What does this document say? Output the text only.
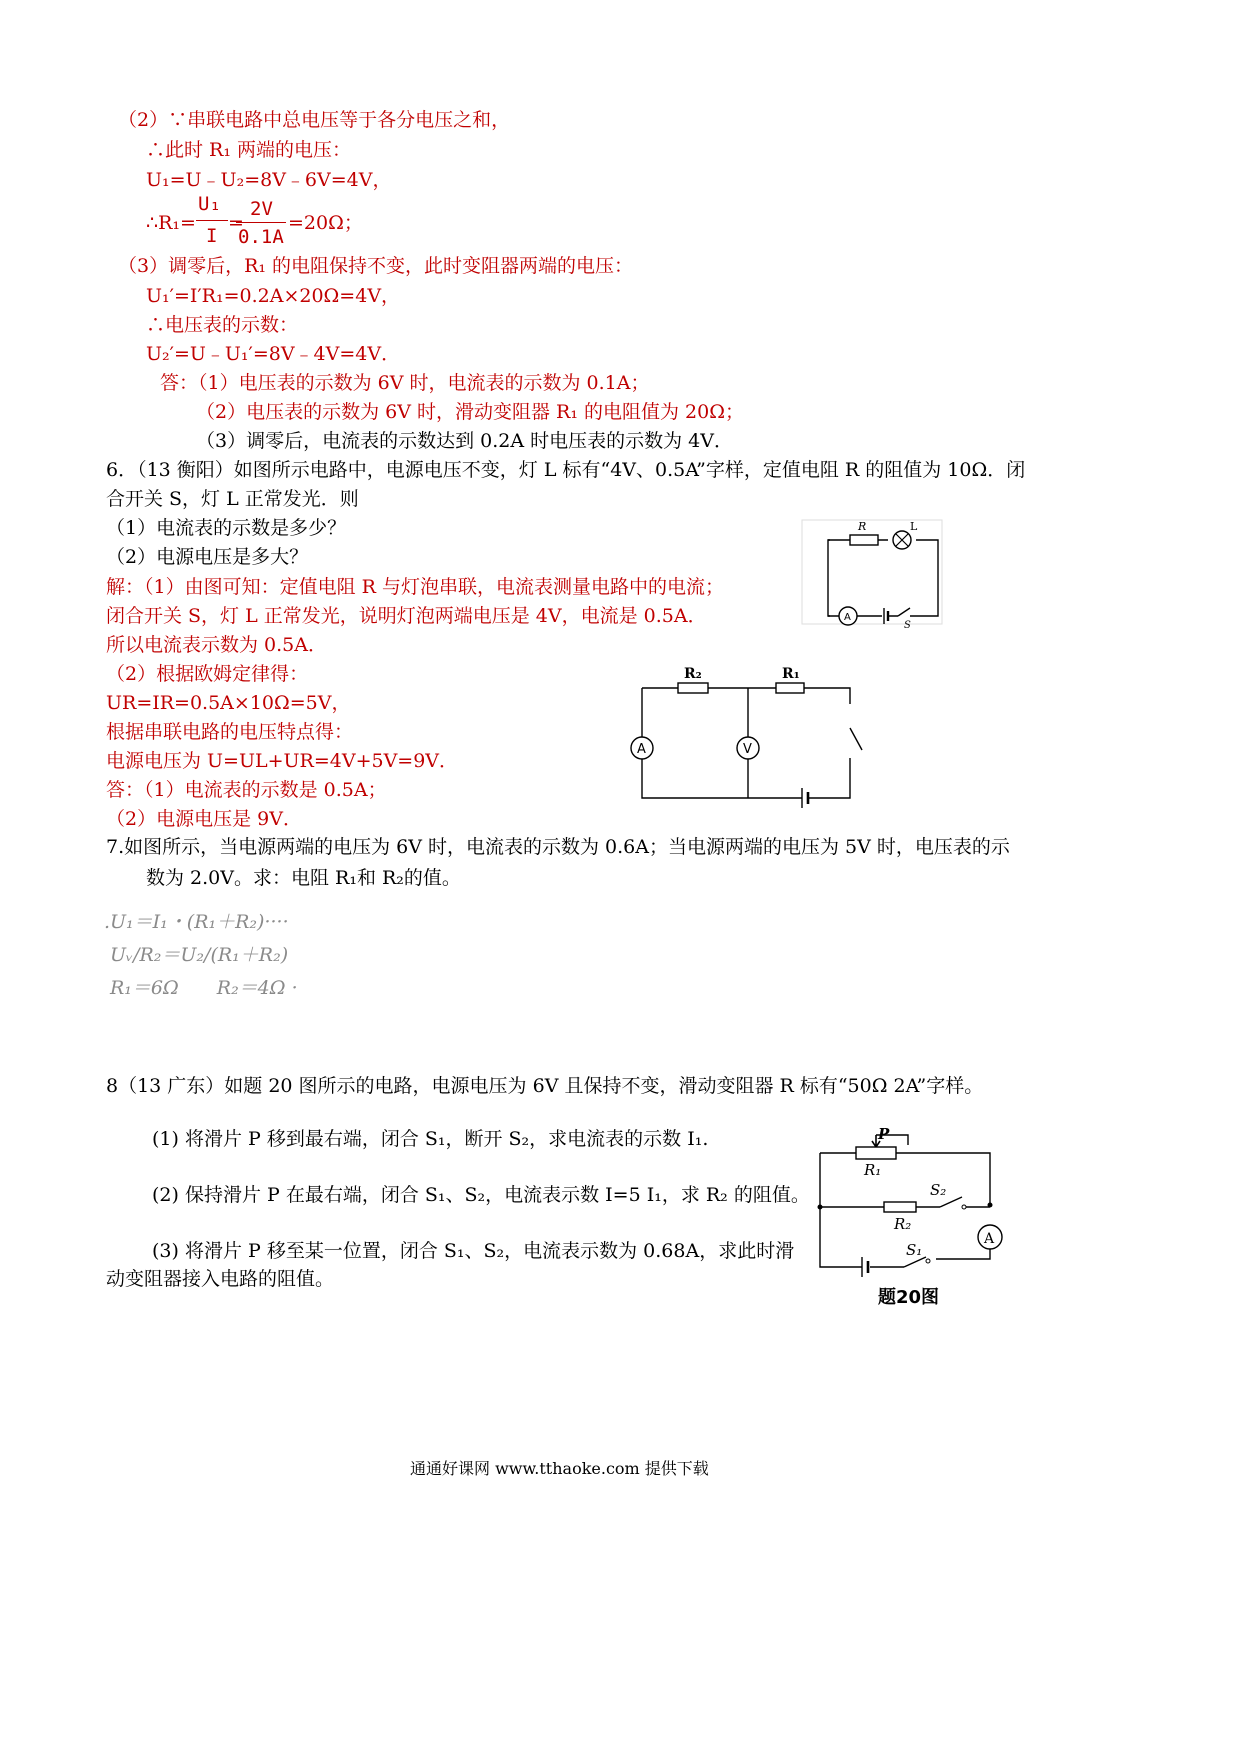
（2）∵串联电路中总电压等于各分电压之和，
∴此时 R₁ 两端的电压：
U₁=U﹣U₂=8V﹣6V=4V，
∴R₁=
U₁
I
=
2V
0.1A
=20Ω；
（3）调零后，R₁ 的电阻保持不变，此时变阻器两端的电压：
U₁′=I′R₁=0.2A×20Ω=4V，
∴电压表的示数：
U₂′=U﹣U₁′=8V﹣4V=4V．
答：（1）电压表的示数为 6V 时，电流表的示数为 0.1A；
（2）电压表的示数为 6V 时，滑动变阻器 R₁ 的电阻值为 20Ω；
（3）调零后，电流表的示数达到 0.2A 时电压表的示数为 4V．
6．（13 衡阳）如图所示电路中，电源电压不变，灯 L 标有“4V、0.5A”字样，定值电阻 R 的阻值为 10Ω．闭
合开关 S，灯 L 正常发光．则
（1）电流表的示数是多少？
（2）电源电压是多大？
解：（1）由图可知：定值电阻 R 与灯泡串联，电流表测量电路中的电流；
闭合开关 S，灯 L 正常发光，说明灯泡两端电压是 4V，电流是 0.5A．
所以电流表示数为 0.5A．
（2）根据欧姆定律得：
UR=IR=0.5A×10Ω=5V，
根据串联电路的电压特点得：
电源电压为 U=UL+UR=4V+5V=9V．
答：（1）电流表的示数是 0.5A；
（2）电源电压是 9V．
R	L
A
S
R₂	R₁
A	V
7.如图所示，当电源两端的电压为 6V 时，电流表的示数为 0.6A；当电源两端的电压为 5V 时，电压表的示
数为 2.0V。求：电阻 R₁和 R₂的值。
.U₁＝I₁・(R₁＋R₂)····
Uᵥ/R₂＝U₂/(R₁＋R₂)
R₁＝6Ω　　R₂＝4Ω ·
8（13 广东）如题 20 图所示的电路，电源电压为 6V 且保持不变，滑动变阻器 R 标有“50Ω 2A”字样。
(1) 将滑片 P 移到最右端，闭合 S₁，断开 S₂，求电流表的示数 I₁.
(2) 保持滑片 P 在最右端，闭合 S₁、S₂，电流表示数 I=5 I₁，求 R₂ 的阻值。
(3) 将滑片 P 移至某一位置，闭合 S₁、S₂，电流表示数为 0.68A，求此时滑
动变阻器接入电路的阻值。
P
R₁
R₂
S₂
S₁
A
题20图
通通好课网 www.tthaoke.com 提供下载
